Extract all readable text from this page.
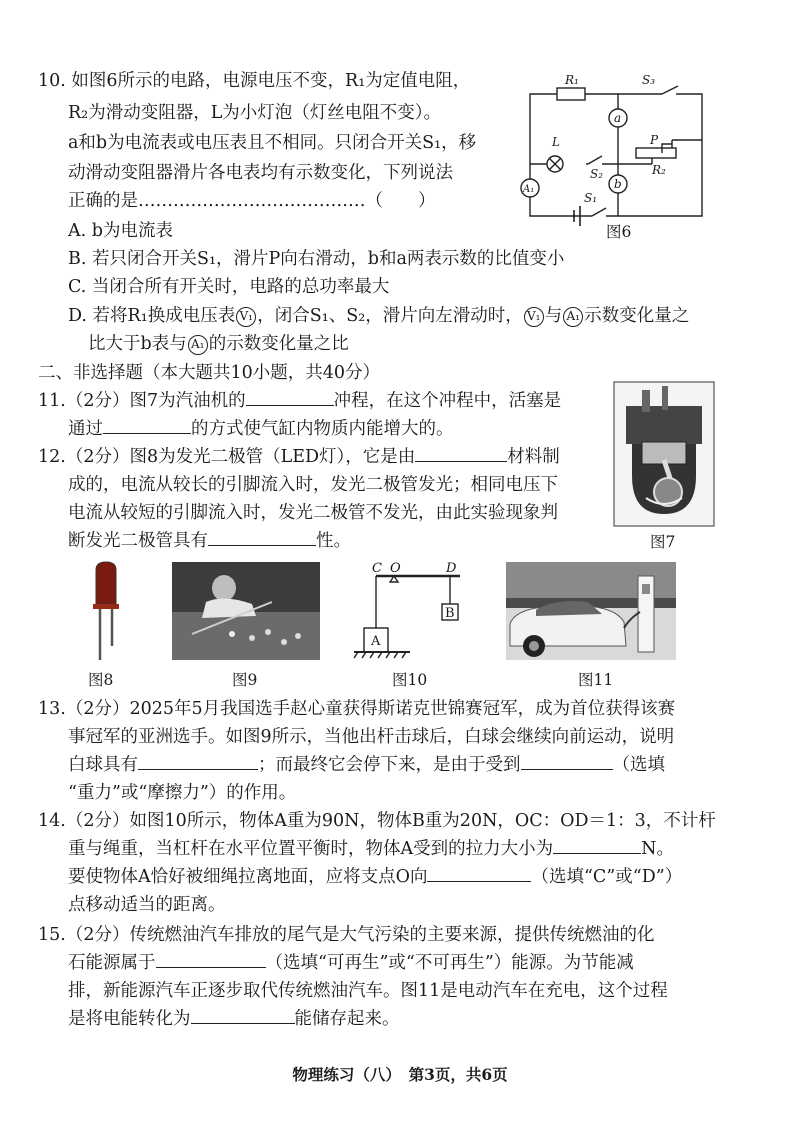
10. 如图6所示的电路，电源电压不变，R₁为定值电阻，
R₂为滑动变阻器，L为小灯泡（灯丝电阻不变）。
a和b为电流表或电压表且不相同。只闭合开关S₁，移
动滑动变阻器滑片各电表均有示数变化，下列说法
正确的是…………………………………（　　）
A. b为电流表
B. 若只闭合开关S₁，滑片P向右滑动，b和a两表示数的比值变小
C. 当闭合所有开关时，电路的总功率最大
D. 若将R₁换成电压表 V₁ ，闭合S₁、S₂，滑片向左滑动时， V₁ 与 A₁ 示数变化量之
比大于b表与 A₁ 的示数变化量之比
R₁	S₃
a
L	P
S₂	R₂
b
A₁
S₁
图6
二、非选择题（本大题共10小题，共40分）
11.（2分）图7为汽油机的	冲程，在这个冲程中，活塞是
通过	的方式使气缸内物质内能增大的。
12.（2分）图8为发光二极管（LED灯），它是由	材料制
成的，电流从较长的引脚流入时，发光二极管发光；相同电压下
电流从较短的引脚流入时，发光二极管不发光，由此实验现象判
断发光二极管具有	性。	图7
图8	图9
C O	D
A
B
图10	图11
13.（2分）2025年5月我国选手赵心童获得斯诺克世锦赛冠军，成为首位获得该赛
事冠军的亚洲选手。如图9所示，当他出杆击球后，白球会继续向前运动，说明
白球具有	；而最终它会停下来，是由于受到	（选填
“重力”或“摩擦力”）的作用。
14.（2分）如图10所示，物体A重为90N，物体B重为20N，OC：OD＝1：3，不计杆
重与绳重，当杠杆在水平位置平衡时，物体A受到的拉力大小为	N。
要使物体A恰好被细绳拉离地面，应将支点O向	（选填“C”或“D”）
点移动适当的距离。
15.（2分）传统燃油汽车排放的尾气是大气污染的主要来源，提供传统燃油的化
石能源属于	（选填“可再生”或“不可再生”）能源。为节能减
排，新能源汽车正逐步取代传统燃油汽车。图11是电动汽车在充电，这个过程
是将电能转化为	能储存起来。
物理练习（八）　第3页，共6页
